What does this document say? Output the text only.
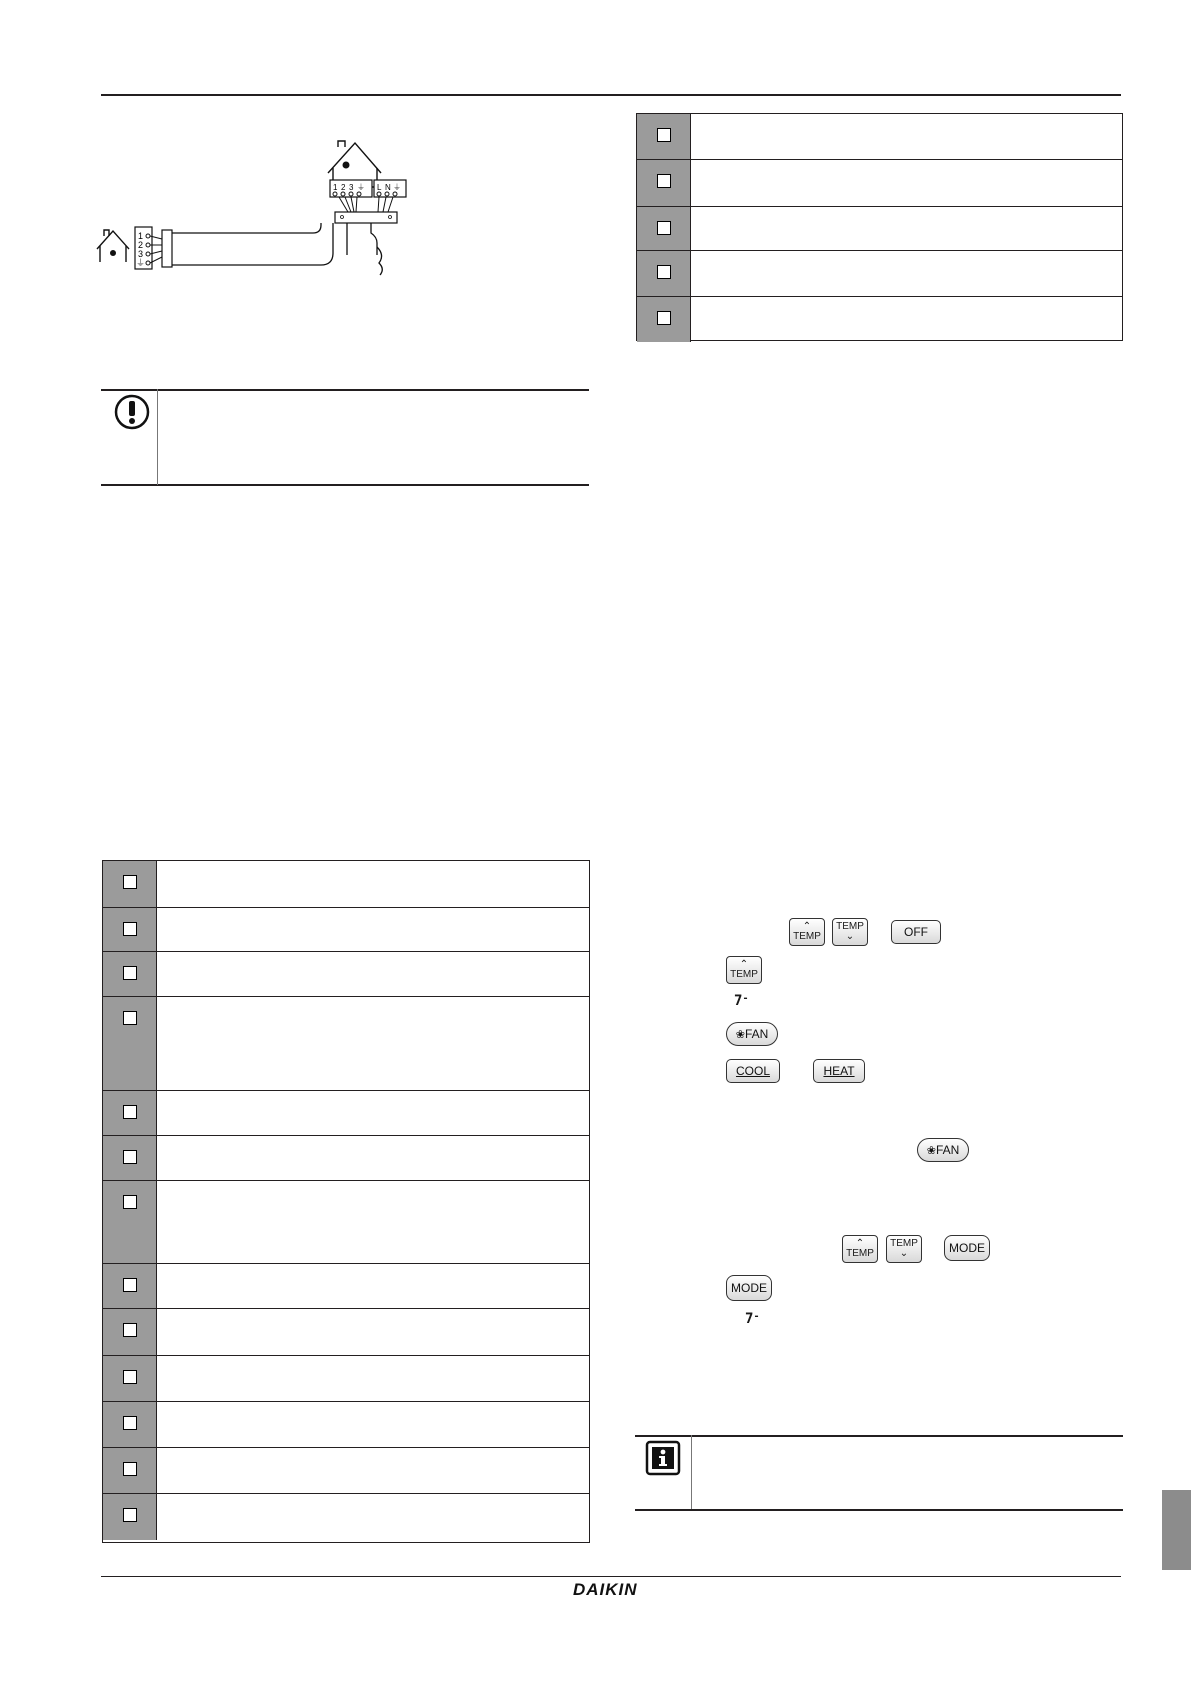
1 2 3 ⏚ L N ⏚
1
2
3
⏚
⌃
TEMP
TEMP
⌄	OFF
⌃
TEMP
7-
❀ FAN
COOL	HEAT
❀ FAN
⌃
TEMP
TEMP
⌄	MODE
MODE
7-
DAIKIN
